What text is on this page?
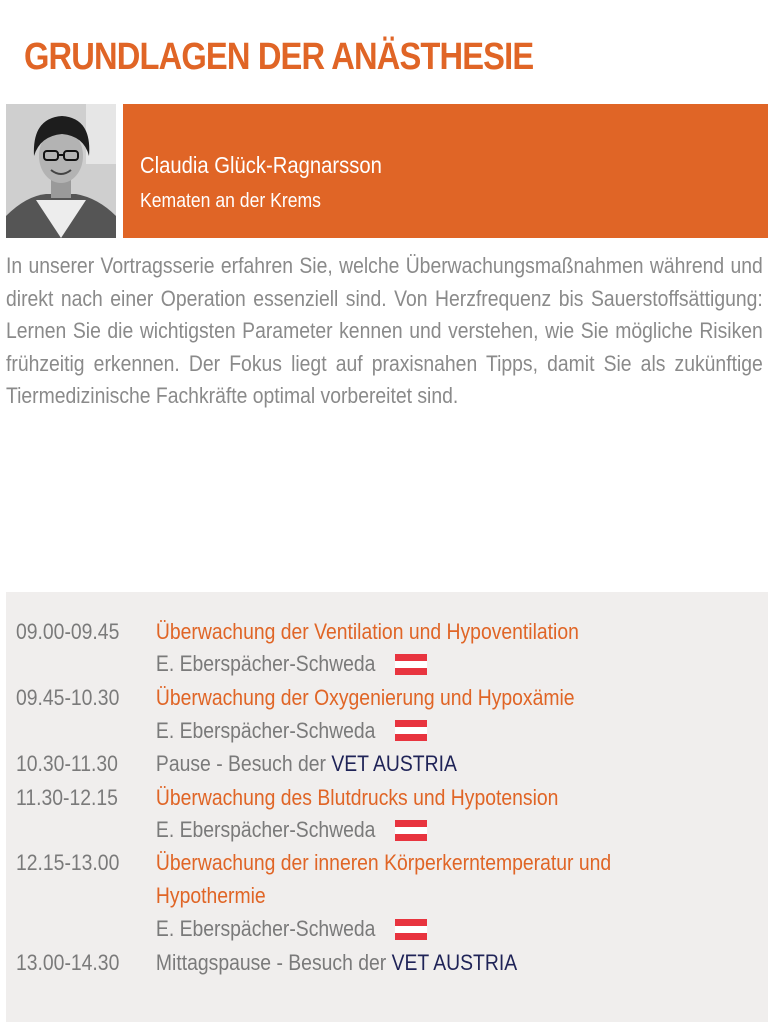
GRUNDLAGEN DER ANÄSTHESIE
Claudia Glück-Ragnarsson
Kematen an der Krems
In unserer Vortragsserie erfahren Sie, welche Überwachungsmaßnahmen während und direkt nach einer Operation essenziell sind. Von Herzfrequenz bis Sauerstoffsättigung: Lernen Sie die wichtigsten Parameter kennen und verstehen, wie Sie mögliche Risiken frühzeitig erkennen. Der Fokus liegt auf praxisnahen Tipps, damit Sie als zukünftige Tiermedizinische Fachkräfte optimal vorbereitet sind.
09.00-09.45 Überwachung der Ventilation und Hypoventilation
E. Eberspächer-Schweda
09.45-10.30 Überwachung der Oxygenierung und Hypoxämie
E. Eberspächer-Schweda
10.30-11.30 Pause - Besuch der VET AUSTRIA
11.30-12.15 Überwachung des Blutdrucks und Hypotension
E. Eberspächer-Schweda
12.15-13.00 Überwachung der inneren Körperkerntemperatur und
Hypothermie
E. Eberspächer-Schweda
13.00-14.30 Mittagspause - Besuch der VET AUSTRIA
